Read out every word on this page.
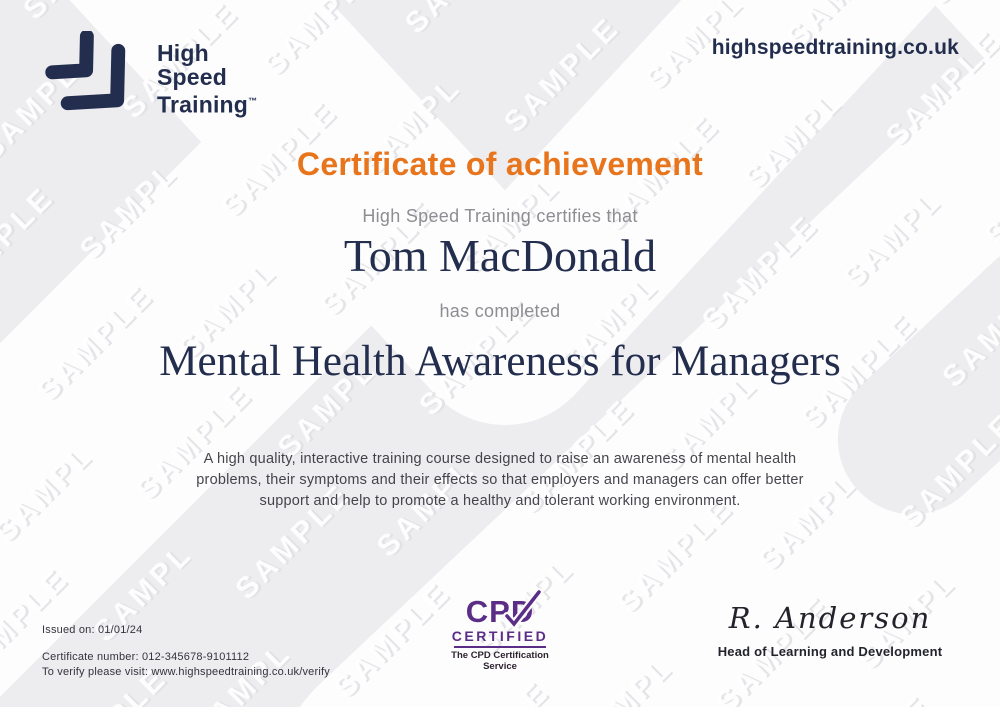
High
Speed
Training™
highspeedtraining.co.uk
Certificate of achievement
High Speed Training certifies that
Tom MacDonald
has completed
Mental Health Awareness for Managers
A high quality, interactive training course designed to raise an awareness of mental health
problems, their symptoms and their effects so that employers and managers can offer better
support and help to promote a healthy and tolerant working environment.
Issued on: 01/01/24
Certificate number: 012-345678-9101112
To verify please visit: www.highspeedtraining.co.uk/verify
CPD
CERTIFIED
The CPD Certification
Service
R. Anderson
Head of Learning and Development
